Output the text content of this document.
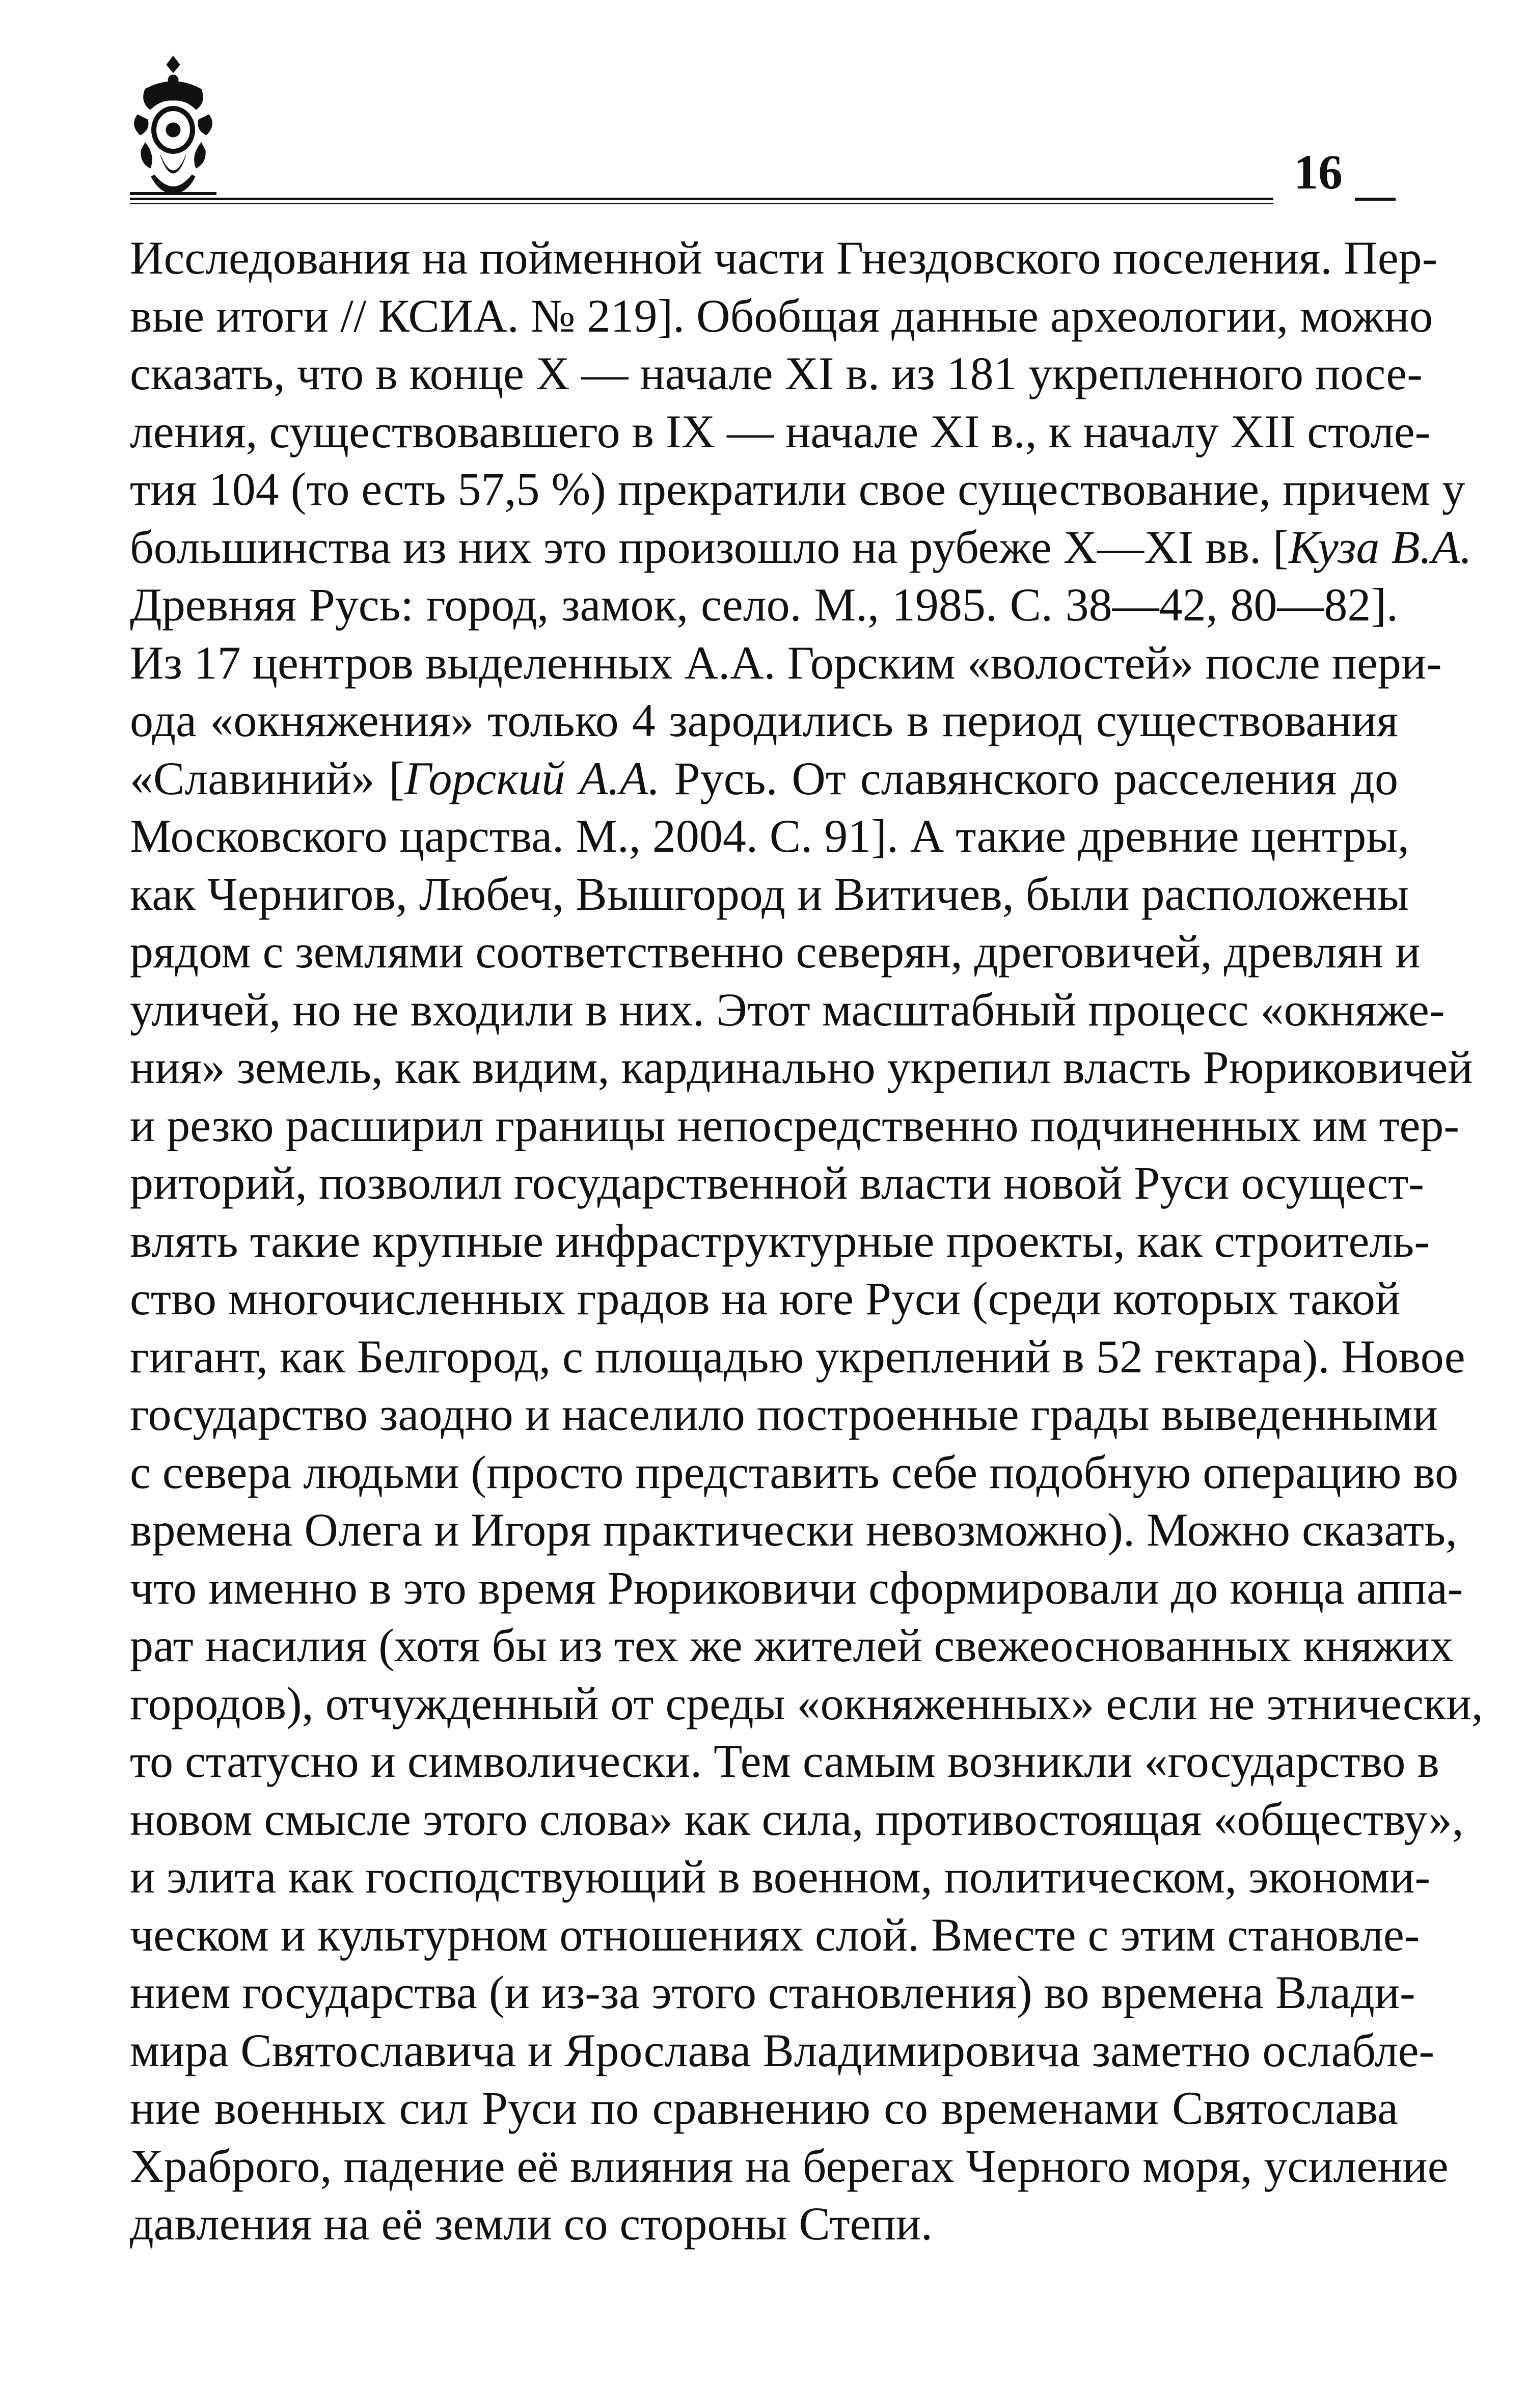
16
Исследования на пойменной части Гнездовского поселения. Пер-
вые итоги // КСИА. № 219]. Обобщая данные археологии, можно
сказать, что в конце X — начале XI в. из 181 укрепленного посе-
ления, существовавшего в IX — начале XI в., к началу XII столе-
тия 104 (то есть 57,5 %) прекратили свое существование, причем у
большинства из них это произошло на рубеже X—XI вв. [Куза В.А.
Древняя Русь: город, замок, село. М., 1985. С. 38—42, 80—82].
Из 17 центров выделенных А.А. Горским «волостей» после пери-
ода «окняжения» только 4 зародились в период существования
«Славиний» [Горский А.А. Русь. От славянского расселения до
Московского царства. М., 2004. С. 91]. А такие древние центры,
как Чернигов, Любеч, Вышгород и Витичев, были расположены
рядом с землями соответственно северян, дреговичей, древлян и
уличей, но не входили в них. Этот масштабный процесс «окняже-
ния» земель, как видим, кардинально укрепил власть Рюриковичей
и резко расширил границы непосредственно подчиненных им тер-
риторий, позволил государственной власти новой Руси осущест-
влять такие крупные инфраструктурные проекты, как строитель-
ство многочисленных градов на юге Руси (среди которых такой
гигант, как Белгород, с площадью укреплений в 52 гектара). Новое
государство заодно и населило построенные грады выведенными
с севера людьми (просто представить себе подобную операцию во
времена Олега и Игоря практически невозможно). Можно сказать,
что именно в это время Рюриковичи сформировали до конца аппа-
рат насилия (хотя бы из тех же жителей свежеоснованных княжих
городов), отчужденный от среды «окняженных» если не этнически,
то статусно и символически. Тем самым возникли «государство в
новом смысле этого слова» как сила, противостоящая «обществу»,
и элита как господствующий в военном, политическом, экономи-
ческом и культурном отношениях слой. Вместе с этим становле-
нием государства (и из-за этого становления) во времена Влади-
мира Святославича и Ярослава Владимировича заметно ослабле-
ние военных сил Руси по сравнению со временами Святослава
Храброго, падение её влияния на берегах Черного моря, усиление
давления на её земли со стороны Степи.
